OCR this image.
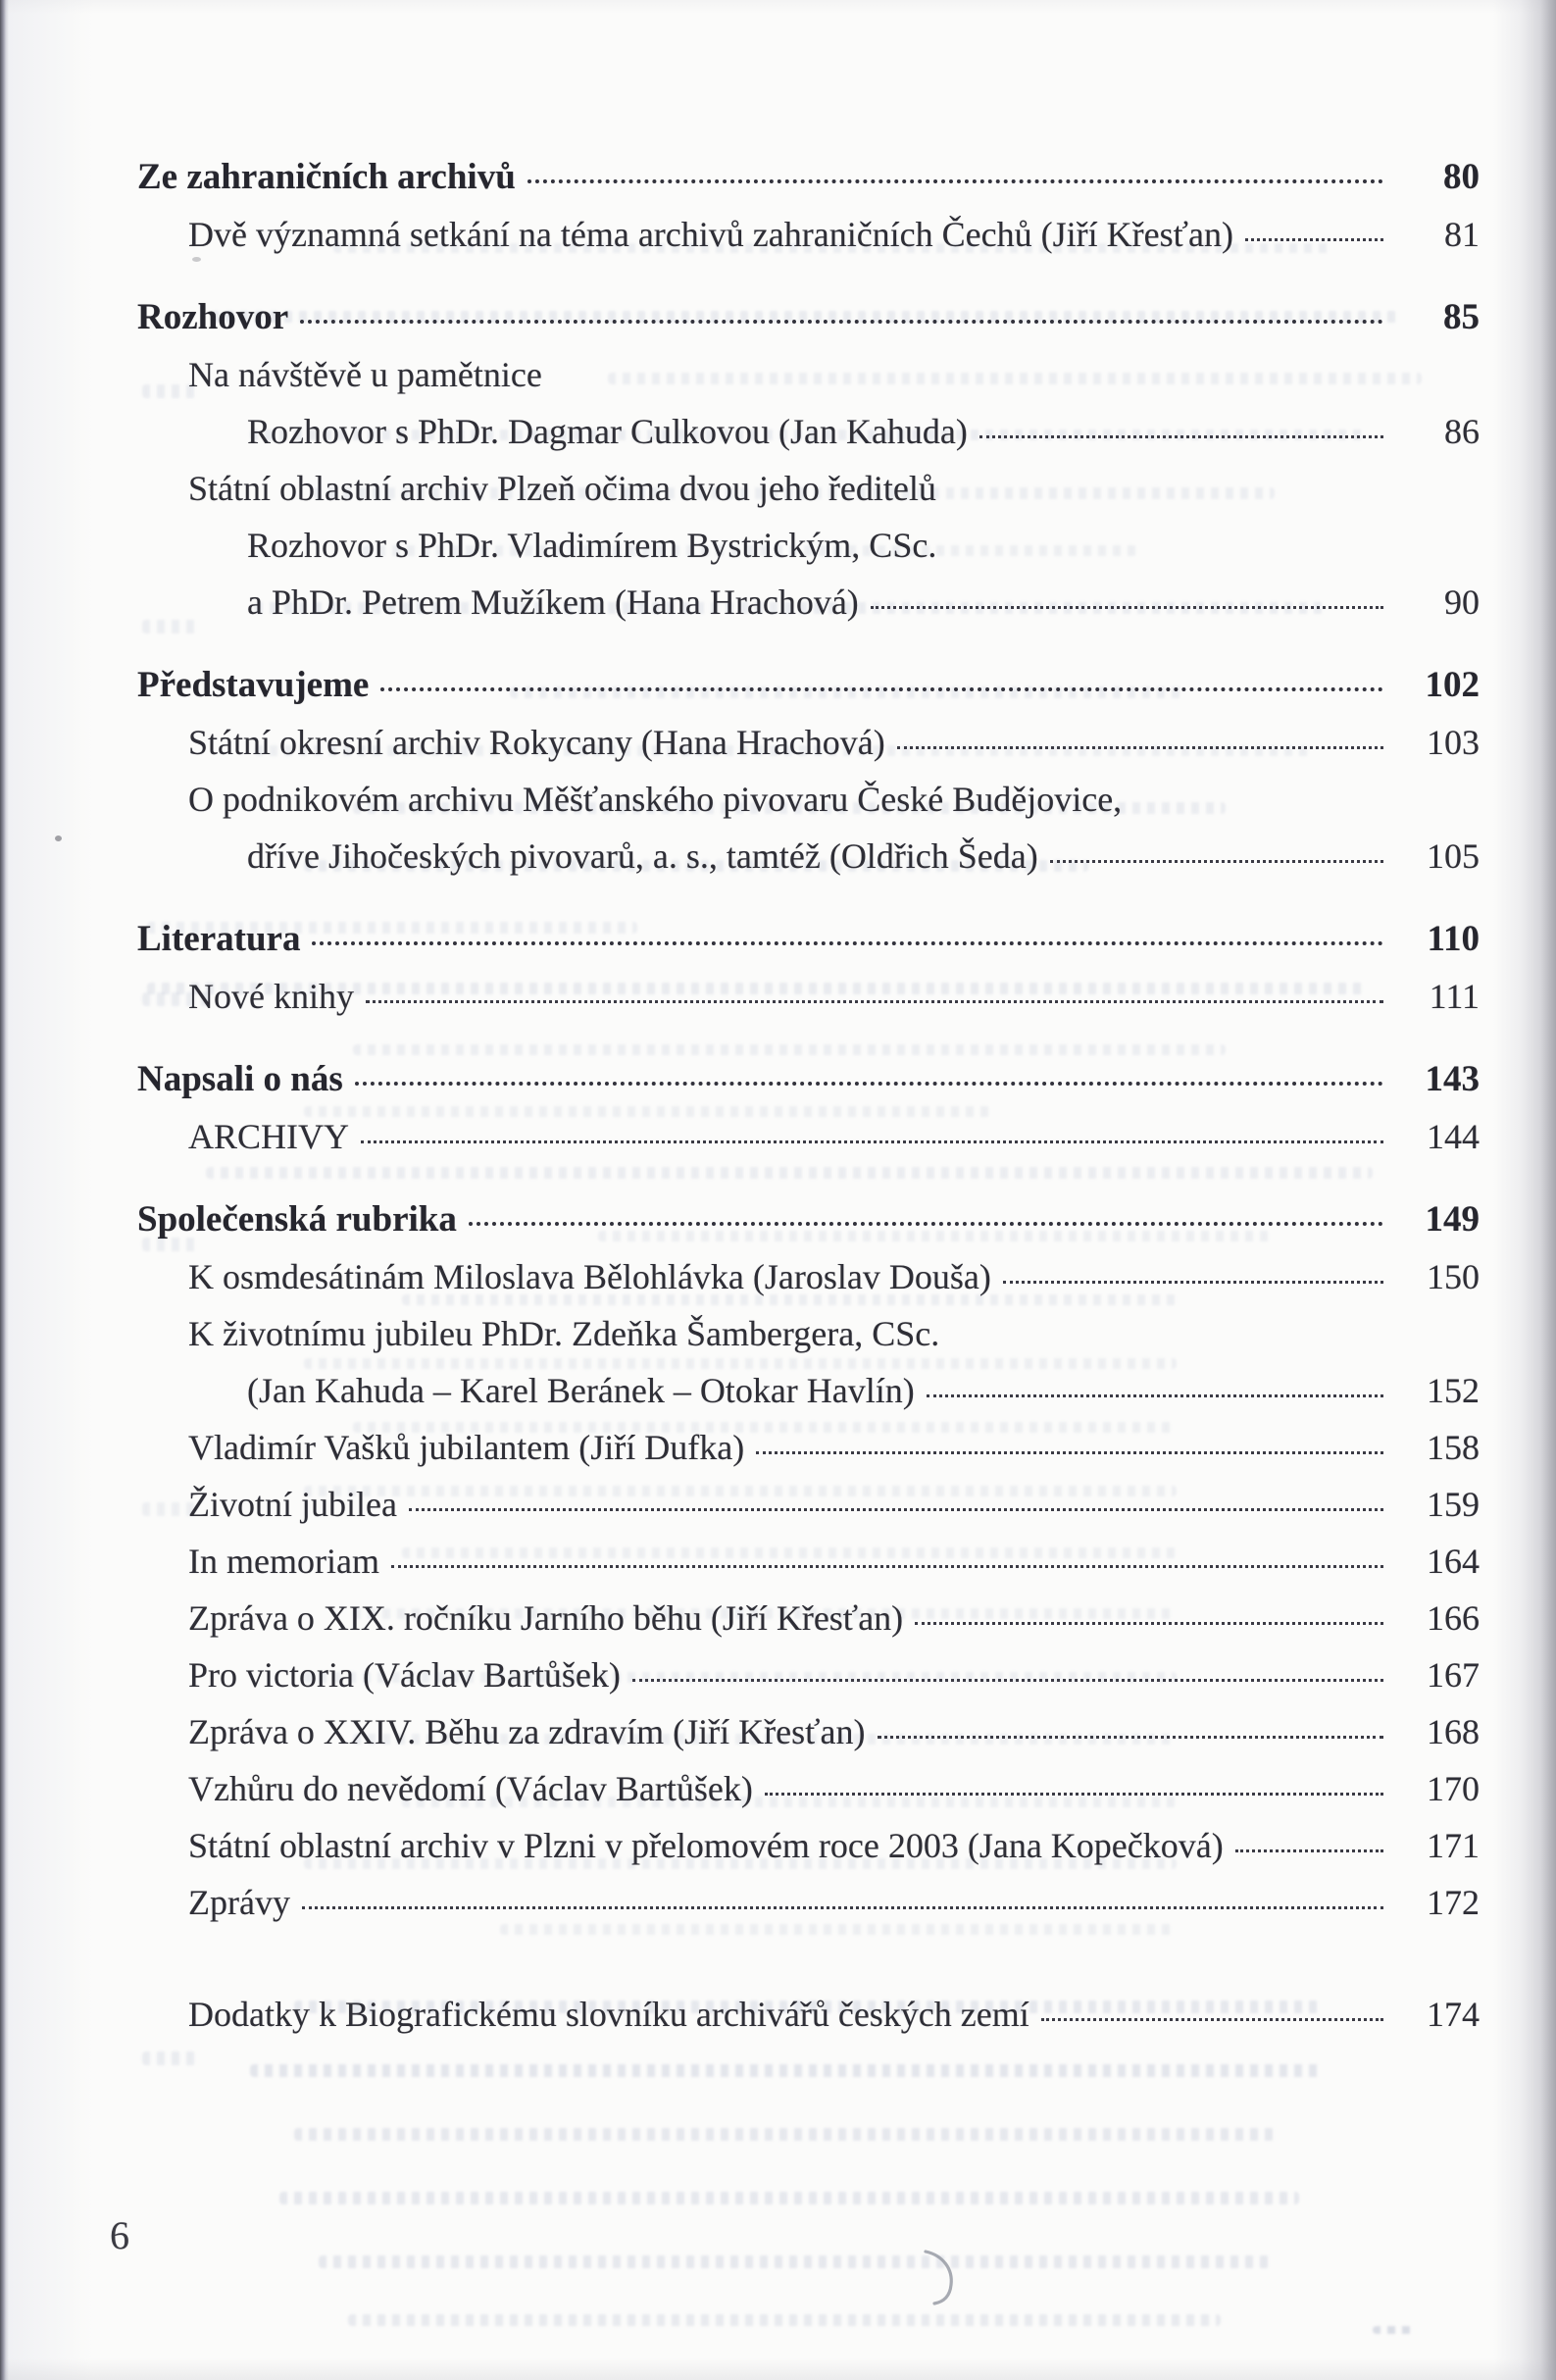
Ze zahraničních archivů	80
Dvě významná setkání na téma archivů zahraničních Čechů (Jiří Křesťan)	81
Rozhovor	85
Na návštěvě u pamětnice
Rozhovor s PhDr. Dagmar Culkovou (Jan Kahuda)	86
Státní oblastní archiv Plzeň očima dvou jeho ředitelů
Rozhovor s PhDr. Vladimírem Bystrickým, CSc.
a PhDr. Petrem Mužíkem (Hana Hrachová)	90
Představujeme	102
Státní okresní archiv Rokycany (Hana Hrachová)	103
O podnikovém archivu Měšťanského pivovaru České Budějovice,
dříve Jihočeských pivovarů, a. s., tamtéž (Oldřich Šeda)	105
Literatura	110
Nové knihy	111
Napsali o nás	143
ARCHIVY	144
Společenská rubrika	149
K osmdesátinám Miloslava Bělohlávka (Jaroslav Douša)	150
K životnímu jubileu PhDr. Zdeňka Šambergera, CSc.
(Jan Kahuda – Karel Beránek – Otokar Havlín)	152
Vladimír Vašků jubilantem (Jiří Dufka)	158
Životní jubilea	159
In memoriam	164
Zpráva o XIX. ročníku Jarního běhu (Jiří Křesťan)	166
Pro victoria (Václav Bartůšek)	167
Zpráva o XXIV. Běhu za zdravím (Jiří Křesťan)	168
Vzhůru do nevědomí (Václav Bartůšek)	170
Státní oblastní archiv v Plzni v přelomovém roce 2003 (Jana Kopečková)	171
Zprávy	172
Dodatky k Biografickému slovníku archivářů českých zemí	174
6
